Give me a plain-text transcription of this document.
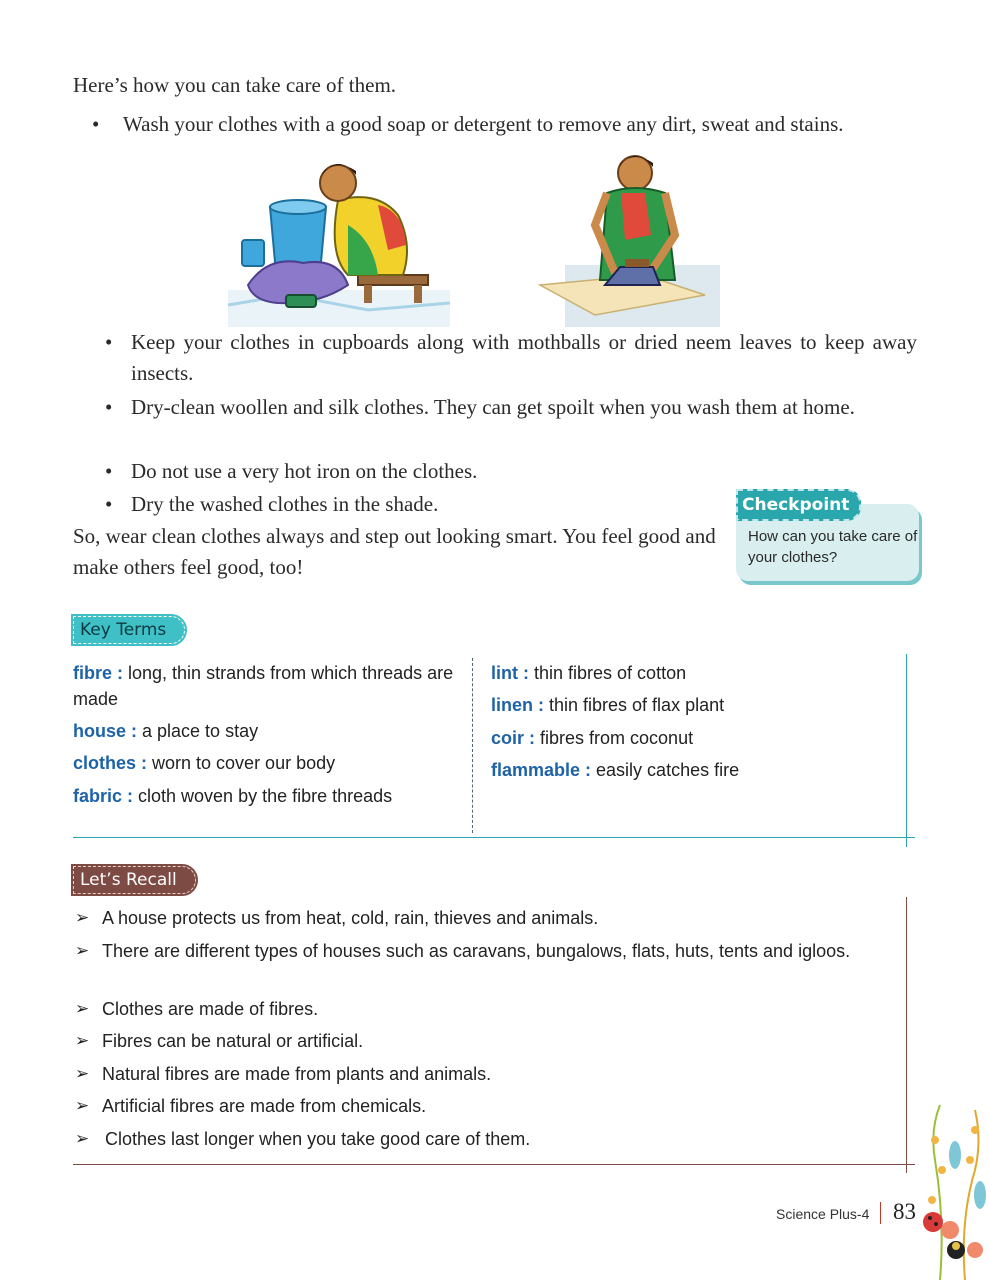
Here’s how you can take care of them.
• Wash your clothes with a good soap or detergent to remove any dirt, sweat and stains.
• Keep your clothes in cupboards along with mothballs or dried neem leaves to keep away insects.
• Dry-clean woollen and silk clothes. They can get spoilt when you wash them at home.
• Do not use a very hot iron on the clothes.
• Dry the washed clothes in the shade.
So, wear clean clothes always and step out looking smart. You feel good and make others feel good, too!
Checkpoint
How can you take care of your clothes?
Key Terms
fibre : long, thin strands from which threads are made
house : a place to stay
clothes : worn to cover our body
fabric : cloth woven by the fibre threads
lint : thin fibres of cotton
linen : thin fibres of flax plant
coir : fibres from coconut
flammable : easily catches fire
Let’s Recall
➢ A house protects us from heat, cold, rain, thieves and animals.
➢ There are different types of houses such as caravans, bungalows, flats, huts, tents and igloos.
➢ Clothes are made of fibres.
➢ Fibres can be natural or artificial.
➢ Natural fibres are made from plants and animals.
➢ Artificial fibres are made from chemicals.
➢ Clothes last longer when you take good care of them.
Science Plus-4 83
